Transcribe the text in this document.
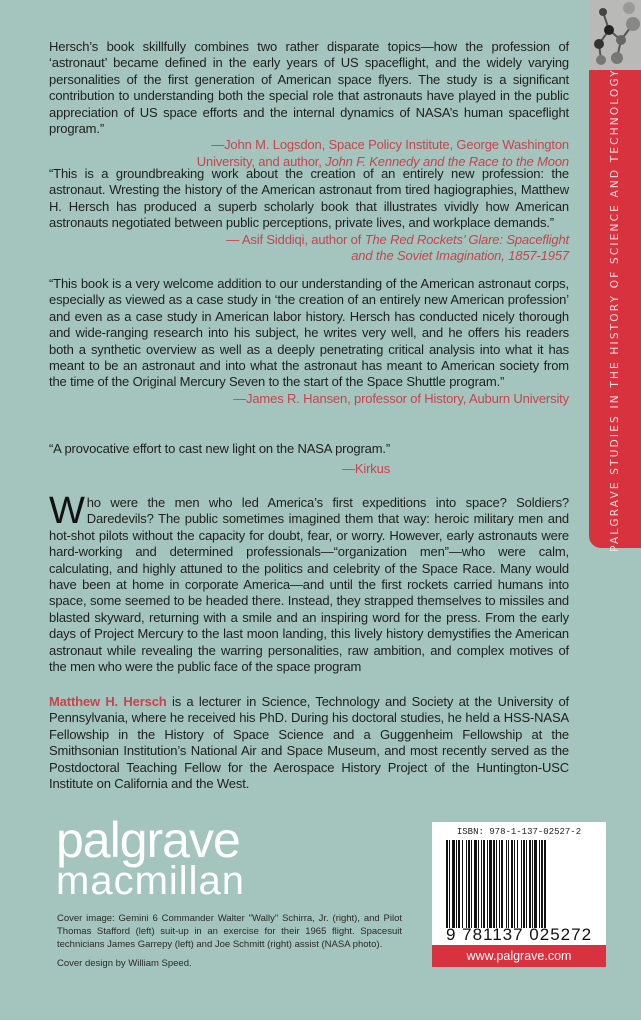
PALGRAVE STUDIES IN THE HISTORY OF SCIENCE AND TECHNOLOGY

Hersch’s book skillfully combines two rather disparate topics—how the profession of ‘astronaut’ became defined in the early years of US spaceflight, and the widely varying personalities of the first generation of American space flyers. The study is a significant contribution to understanding both the special role that astronauts have played in the public appreciation of US space efforts and the internal dynamics of NASA’s human spaceflight program.”

—John M. Logsdon, Space Policy Institute, George Washington
University, and author, John F. Kennedy and the Race to the Moon

“This is a groundbreaking work about the creation of an entirely new profession: the astronaut. Wresting the history of the American astronaut from tired hagiographies, Matthew H. Hersch has produced a superb scholarly book that illustrates vividly how American astronauts negotiated between public perceptions, private lives, and workplace demands.”

— Asif Siddiqi, author of The Red Rockets’ Glare: Spaceflight
and the Soviet Imagination, 1857-1957

“This book is a very welcome addition to our understanding of the American astronaut corps, especially as viewed as a case study in ‘the creation of an entirely new American profession’ and even as a case study in American labor history. Hersch has conducted nicely thorough and wide-ranging research into his subject, he writes very well, and he offers his readers both a synthetic overview as well as a deeply penetrating critical analysis into what it has meant to be an astronaut and into what the astronaut has meant to American society from the time of the Original Mercury Seven to the start of the Space Shuttle program.”

—James R. Hansen, professor of History, Auburn University

“A provocative effort to cast new light on the NASA program.”

—Kirkus

Who were the men who led America’s first expeditions into space? Soldiers? Daredevils? The public sometimes imagined them that way: heroic military men and hot-shot pilots without the capacity for doubt, fear, or worry. However, early astronauts were hard-working and determined professionals—“organization men”—who were calm, calculating, and highly attuned to the politics and celebrity of the Space Race. Many would have been at home in corporate America—and until the first rockets carried humans into space, some seemed to be headed there. Instead, they strapped themselves to missiles and blasted skyward, returning with a smile and an inspiring word for the press. From the early days of Project Mercury to the last moon landing, this lively history demystifies the American astronaut while revealing the warring personalities, raw ambition, and complex motives of the men who were the public face of the space program

Matthew H. Hersch is a lecturer in Science, Technology and Society at the University of Pennsylvania, where he received his PhD. During his doctoral studies, he held a HSS-NASA Fellowship in the History of Space Science and a Guggenheim Fellowship at the Smithsonian Institution’s National Air and Space Museum, and most recently served as the Postdoctoral Teaching Fellow for the Aerospace History Project of the Huntington-USC Institute on California and the West.

palgrave
macmillan

Cover image: Gemini 6 Commander Walter "Wally" Schirra, Jr. (right), and Pilot Thomas Stafford (left) suit-up in an exercise for their 1965 flight. Spacesuit technicians James Garrepy (left) and Joe Schmitt (right) assist (NASA photo).

Cover design by William Speed.

ISBN: 978-1-137-02527-2
9 781137 025272
www.palgrave.com
